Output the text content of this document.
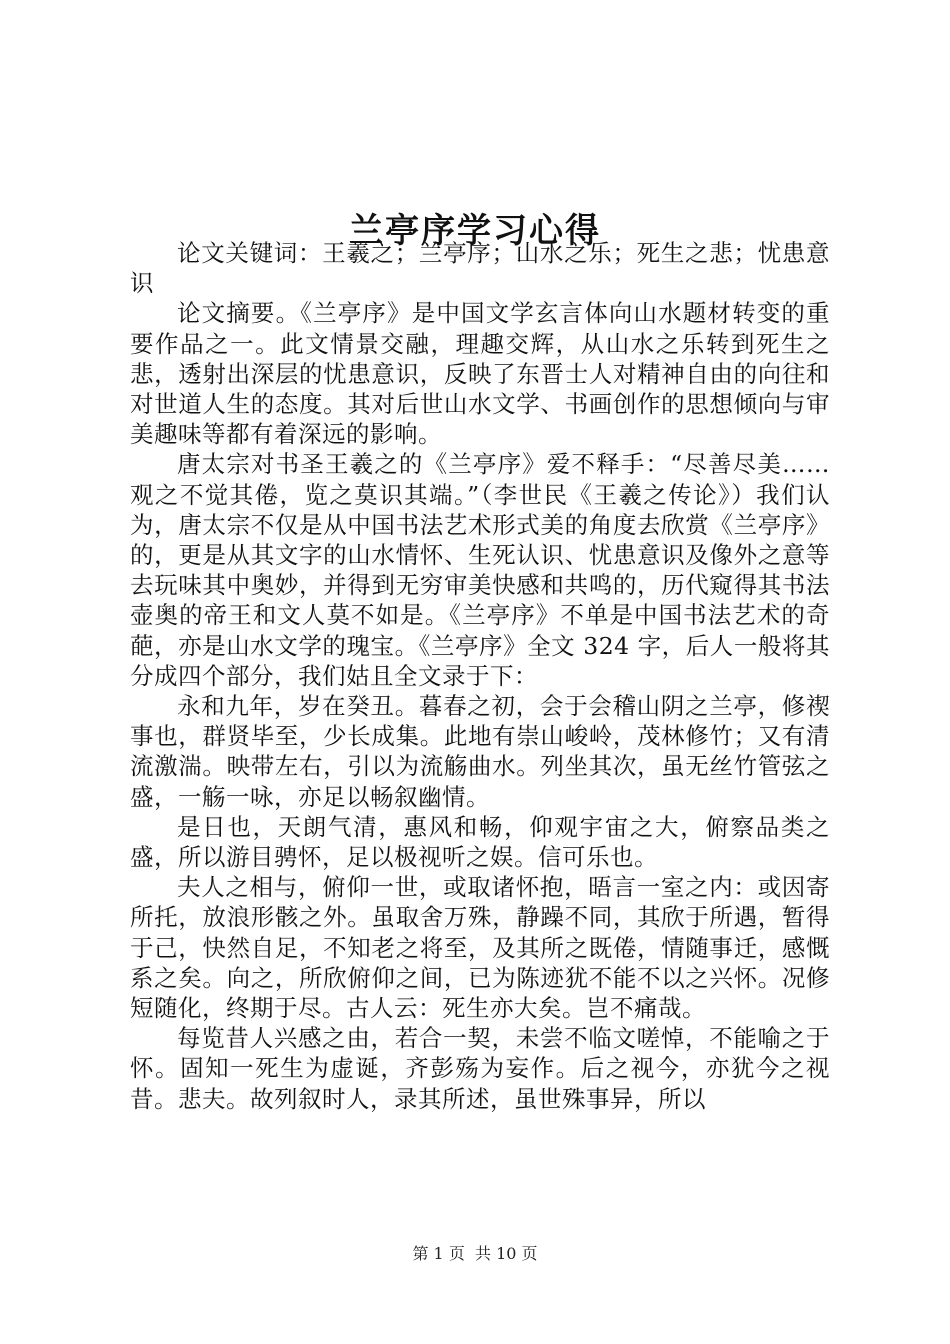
兰亭序学习心得

论文关键词：王羲之；兰亭序；山水之乐；死生之悲；忧患意识

论文摘要。《兰亭序》是中国文学玄言体向山水题材转变的重要作品之一。此文情景交融，理趣交辉，从山水之乐转到死生之悲，透射出深层的忧患意识，反映了东晋士人对精神自由的向往和对世道人生的态度。其对后世山水文学、书画创作的思想倾向与审美趣味等都有着深远的影响。

唐太宗对书圣王羲之的《兰亭序》爱不释手：“尽善尽美……观之不觉其倦，览之莫识其端。”（李世民《王羲之传论》）我们认为，唐太宗不仅是从中国书法艺术形式美的角度去欣赏《兰亭序》的，更是从其文字的山水情怀、生死认识、忧患意识及像外之意等去玩味其中奥妙，并得到无穷审美快感和共鸣的，历代窥得其书法壶奥的帝王和文人莫不如是。《兰亭序》不单是中国书法艺术的奇葩，亦是山水文学的瑰宝。《兰亭序》全文 324 字，后人一般将其分成四个部分，我们姑且全文录于下：

永和九年，岁在癸丑。暮春之初，会于会稽山阴之兰亭，修禊事也，群贤毕至，少长成集。此地有崇山峻岭，茂林修竹；又有清流激湍。映带左右，引以为流觞曲水。列坐其次，虽无丝竹管弦之盛，一觞一咏，亦足以畅叙幽情。

是日也，天朗气清，惠风和畅，仰观宇宙之大，俯察品类之盛，所以游目骋怀，足以极视听之娱。信可乐也。

夫人之相与，俯仰一世，或取诸怀抱，晤言一室之内：或因寄所托，放浪形骸之外。虽取舍万殊，静躁不同，其欣于所遇，暂得于己，快然自足，不知老之将至，及其所之既倦，情随事迁，感慨系之矣。向之，所欣俯仰之间，已为陈迹犹不能不以之兴怀。况修短随化，终期于尽。古人云：死生亦大矣。岂不痛哉。

每览昔人兴感之由，若合一契，未尝不临文嗟悼，不能喻之于怀。固知一死生为虚诞，齐彭殇为妄作。后之视今，亦犹今之视昔。悲夫。故列叙时人，录其所述，虽世殊事异，所以

第 1 页  共 10 页
